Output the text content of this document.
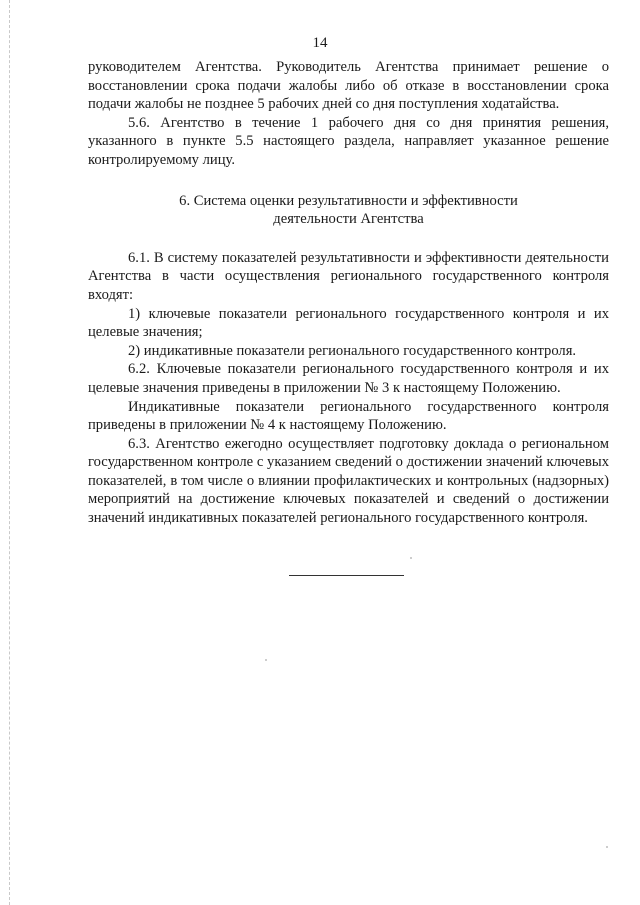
14

руководителем Агентства. Руководитель Агентства принимает решение о восстановлении срока подачи жалобы либо об отказе в восстановлении срока подачи жалобы не позднее 5 рабочих дней со дня поступления ходатайства.

5.6. Агентство в течение 1 рабочего дня со дня принятия решения, указанного в пункте 5.5 настоящего раздела, направляет указанное решение контролируемому лицу.

6. Система оценки результативности и эффективности

деятельности Агентства

6.1. В систему показателей результативности и эффективности деятельности Агентства в части осуществления регионального государственного контроля входят:

1) ключевые показатели регионального государственного контроля и их целевые значения;

2) индикативные показатели регионального государственного контроля.

6.2. Ключевые показатели регионального государственного контроля и их целевые значения приведены в приложении № 3 к настоящему Положению.

Индикативные показатели регионального государственного контроля приведены в приложении № 4 к настоящему Положению.

6.3. Агентство ежегодно осуществляет подготовку доклада о региональном государственном контроле с указанием сведений о достижении значений ключевых показателей, в том числе о влиянии профилактических и контрольных (надзорных) мероприятий на достижение ключевых показателей и сведений о достижении значений индикативных показателей регионального государственного контроля.
